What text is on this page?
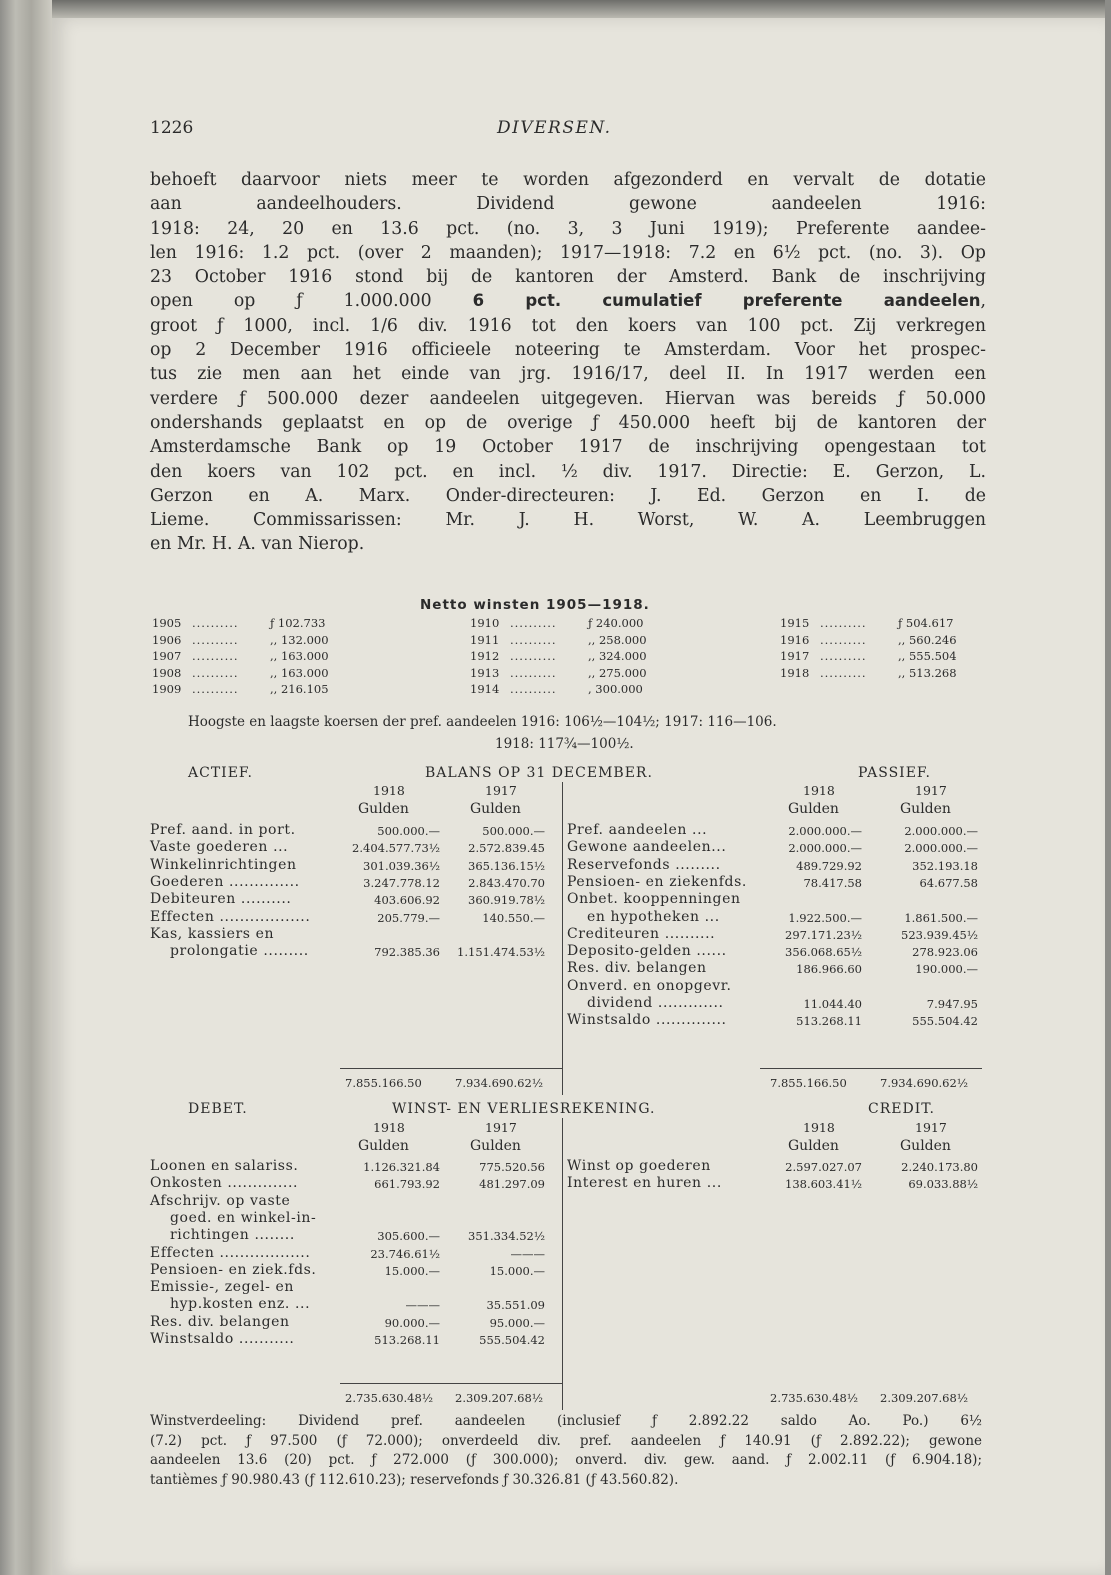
1226	DIVERSEN.
behoeft daarvoor niets meer te worden afgezonderd en vervalt de dotatie
aan aandeelhouders. Dividend gewone aandeelen 1916:
1918: 24, 20 en 13.6 pct. (no. 3, 3 Juni 1919); Preferente aandee-
len 1916: 1.2 pct. (over 2 maanden); 1917—1918: 7.2 en 6½ pct. (no. 3). Op
23 October 1916 stond bij de kantoren der Amsterd. Bank de inschrijving
open op ƒ 1.000.000 6 pct. cumulatief preferente aandeelen,
groot ƒ 1000, incl. 1/6 div. 1916 tot den koers van 100 pct. Zij verkregen
op 2 December 1916 officieele noteering te Amsterdam. Voor het prospec-
tus zie men aan het einde van jrg. 1916/17, deel II. In 1917 werden een
verdere ƒ 500.000 dezer aandeelen uitgegeven. Hiervan was bereids ƒ 50.000
ondershands geplaatst en op de overige ƒ 450.000 heeft bij de kantoren der
Amsterdamsche Bank op 19 October 1917 de inschrijving opengestaan tot
den koers van 102 pct. en incl. ½ div. 1917. Directie: E. Gerzon, L.
Gerzon en A. Marx. Onder-directeuren: J. Ed. Gerzon en I. de
Lieme. Commissarissen: Mr. J. H. Worst, W. A. Leembruggen
en Mr. H. A. van Nierop.
Netto winsten 1905—1918.
1905 ..........	ƒ 102.733
1906 ..........	,, 132.000
1907 ..........	,, 163.000
1908 ..........	,, 163.000
1909 ..........	,, 216.105
1910 ..........	ƒ 240.000
1911 ..........	,, 258.000
1912 ..........	,, 324.000
1913 ..........	,, 275.000
1914 ..........	, 300.000
1915 ..........	ƒ 504.617
1916 ..........	,, 560.246
1917 ..........	,, 555.504
1918 ..........	,, 513.268
Hoogste en laagste koersen der pref. aandeelen 1916: 106½—104½; 1917: 116—106.
1918: 117¾—100½.
ACTIEF.	BALANS OP 31 DECEMBER.	PASSIEF.
1918
Gulden
1917
Gulden
1918
Gulden
1917
Gulden
Pref. aand. in port.	500.000.—	500.000.—
Vaste goederen ...	2.404.577.73½ 2.572.839.45
Winkelinrichtingen	301.039.36½ 365.136.15½
Goederen ..............	3.247.778.12 2.843.470.70
Debiteuren ..........	403.606.92 360.919.78½
Effecten ..................	205.779.—	140.550.—
Kas, kassiers en
prolongatie .........	792.385.36 1.151.474.53½
Pref. aandeelen ...	2.000.000.—	2.000.000.—
Gewone aandeelen...	2.000.000.—	2.000.000.—
Reservefonds .........	489.729.92	352.193.18
Pensioen- en ziekenfds.	78.417.58	64.677.58
Onbet. kooppenningen
en hypotheken ...	1.922.500.—	1.861.500.—
Crediteuren ..........	297.171.23½	523.939.45½
Deposito-gelden ......	356.068.65½	278.923.06
Res. div. belangen	186.966.60	190.000.—
Onverd. en onopgevr.
dividend .............	11.044.40	7.947.95
Winstsaldo ..............	513.268.11	555.504.42
7.855.166.50	7.934.690.62½	7.855.166.50	7.934.690.62½
DEBET.	WINST- EN VERLIESREKENING.	CREDIT.
1918
Gulden
1917
Gulden
1918
Gulden
1917
Gulden
Loonen en salariss.	1.126.321.84	775.520.56
Onkosten ..............	661.793.92	481.297.09
Afschrijv. op vaste
goed. en winkel-in-
richtingen ........	305.600.— 351.334.52½
Effecten ..................	23.746.61½	———
Pensioen- en ziek.fds.	15.000.—	15.000.—
Emissie-, zegel- en
hyp.kosten enz. ...	———	35.551.09
Res. div. belangen	90.000.—	95.000.—
Winstsaldo ...........	513.268.11	555.504.42
Winst op goederen	2.597.027.07	2.240.173.80
Interest en huren ...	138.603.41½	69.033.88½
2.735.630.48½ 2.309.207.68½	2.735.630.48½ 2.309.207.68½
Winstverdeeling: Dividend pref. aandeelen (inclusief ƒ 2.892.22 saldo Ao. Po.) 6½
(7.2) pct. ƒ 97.500 (ƒ 72.000); onverdeeld div. pref. aandeelen ƒ 140.91 (ƒ 2.892.22); gewone
aandeelen 13.6 (20) pct. ƒ 272.000 (ƒ 300.000); onverd. div. gew. aand. ƒ 2.002.11 (ƒ 6.904.18);
tantièmes ƒ 90.980.43 (ƒ 112.610.23); reservefonds ƒ 30.326.81 (ƒ 43.560.82).
